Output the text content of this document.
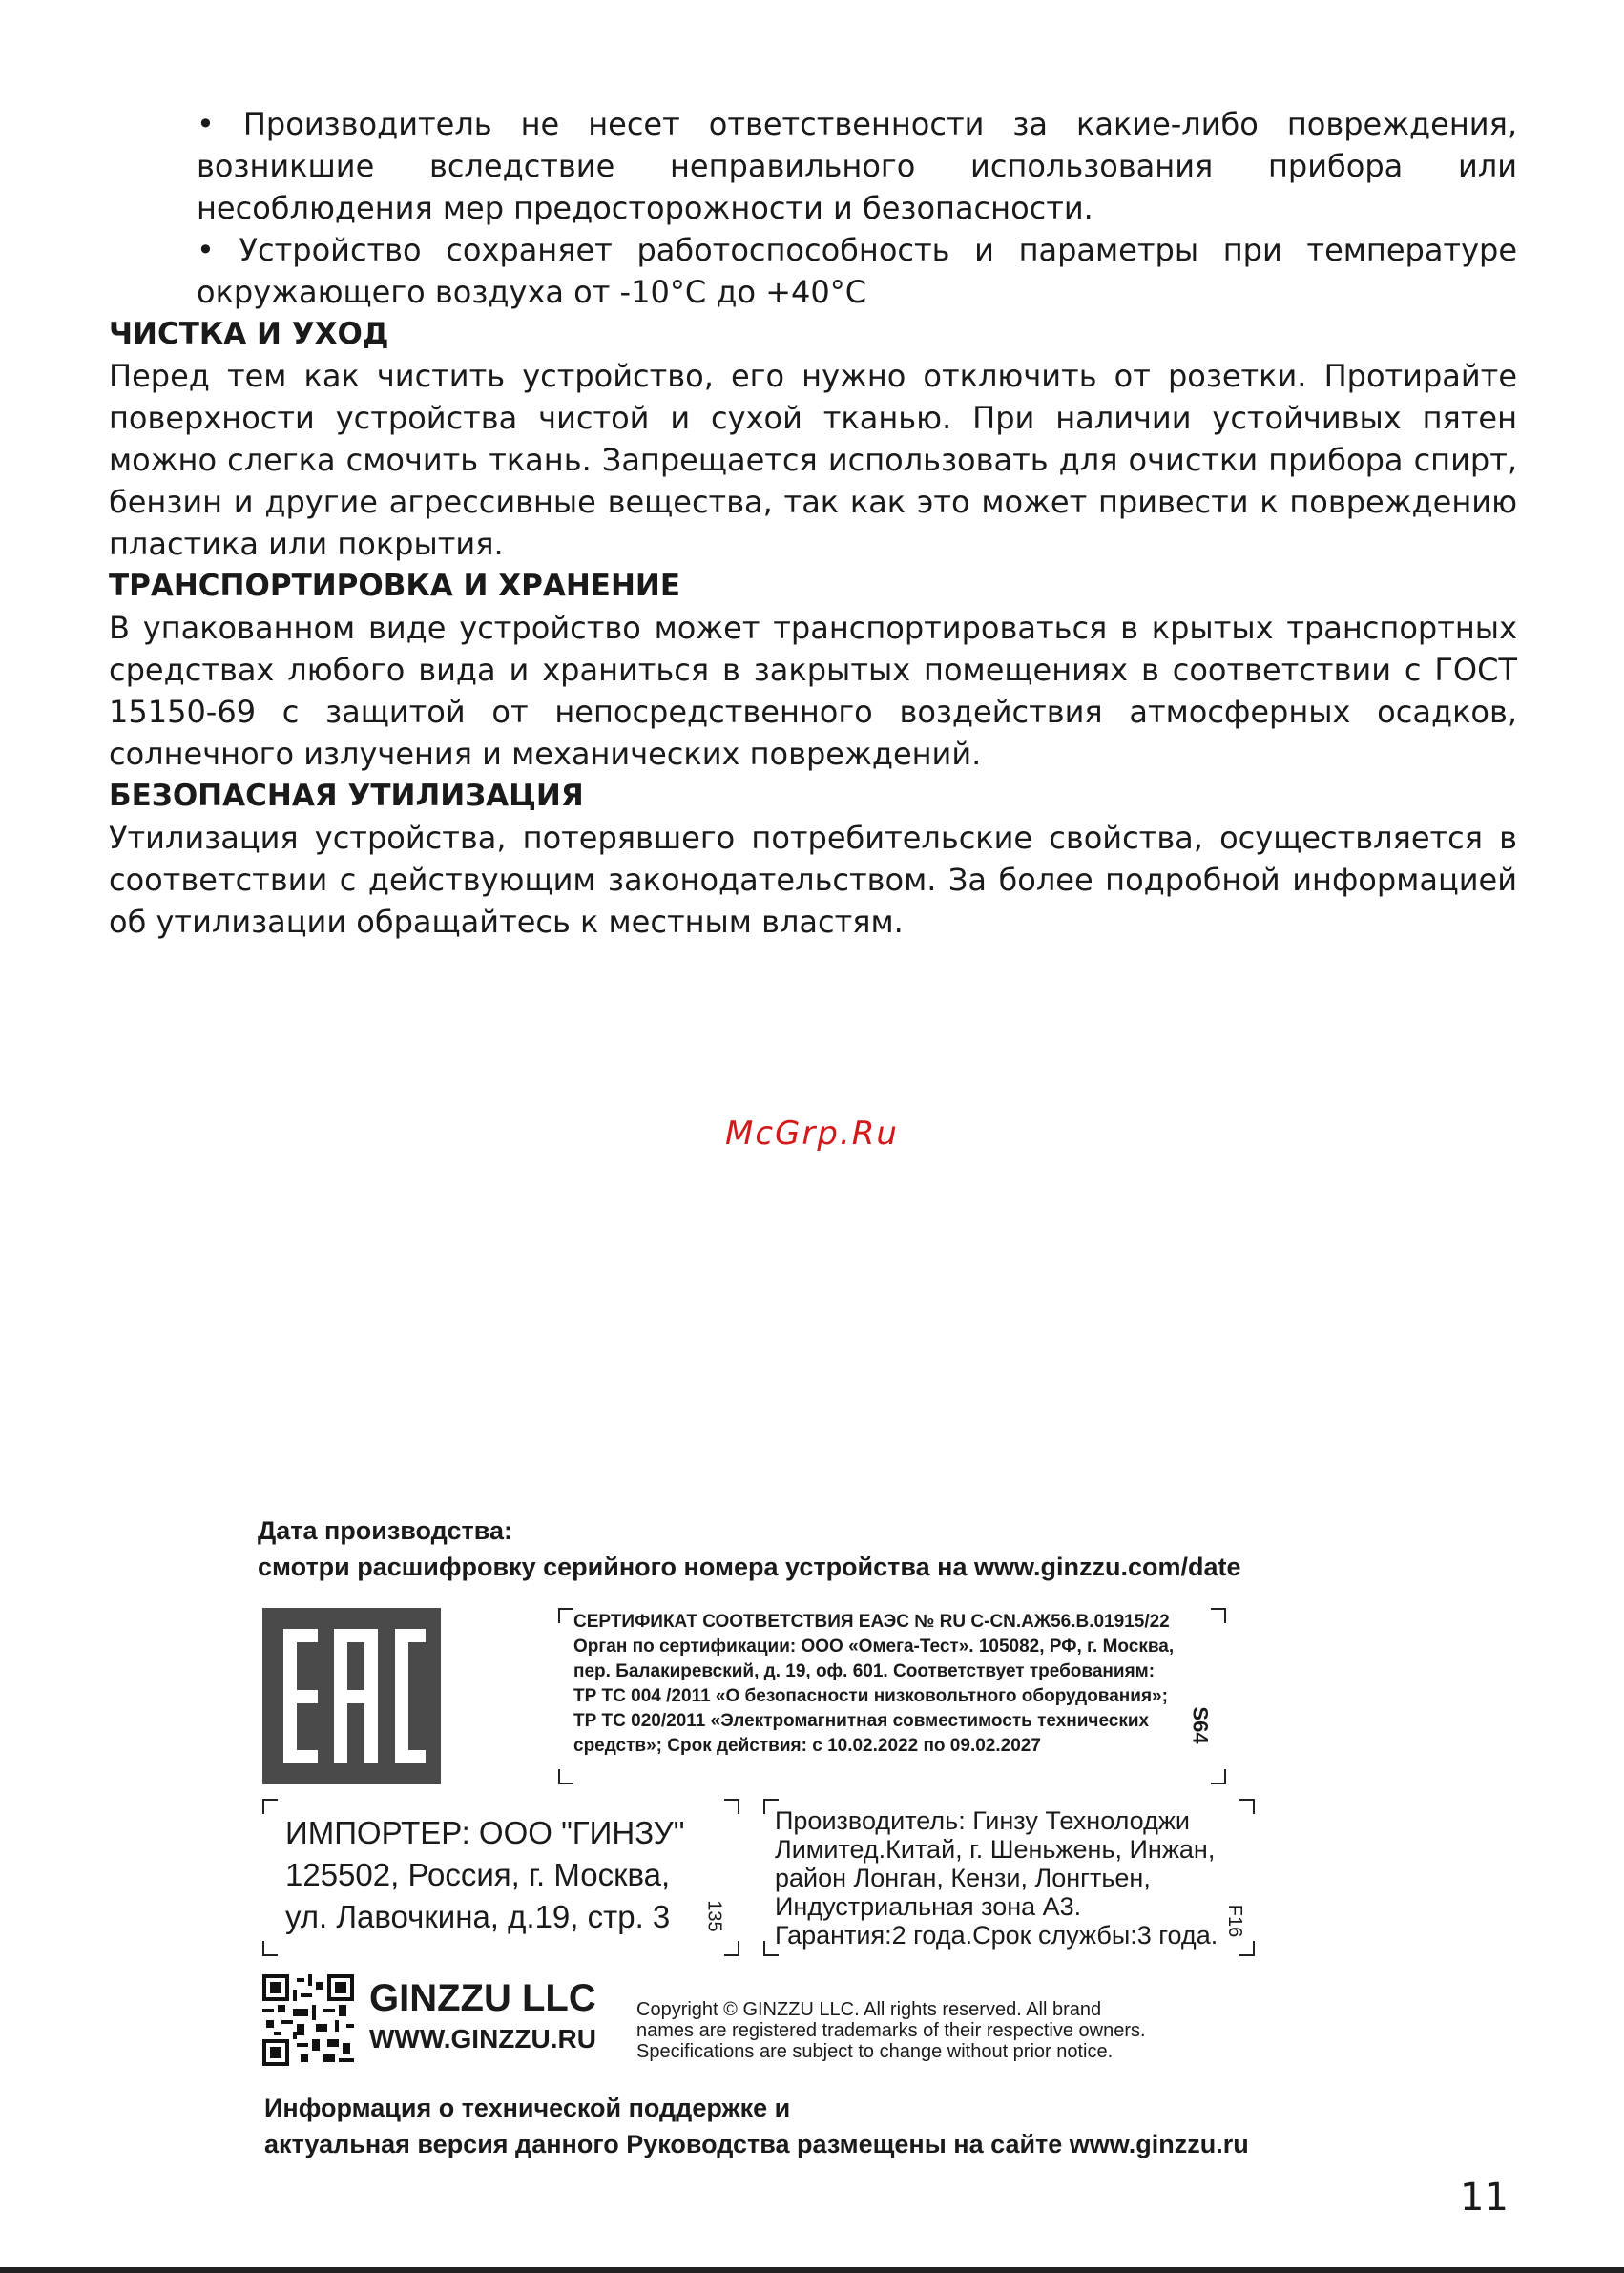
• Производитель не несет ответственности за какие-либо повреждения, возникшие вследствие неправильного использования прибора или несоблюдения мер предосторожности и безопасности.

• Устройство сохраняет работоспособность и параметры при температуре окружающего воздуха от -10°С до +40°С

ЧИСТКА И УХОД

Перед тем как чистить устройство, его нужно отключить от розетки. Протирайте поверхности устройства чистой и сухой тканью. При наличии устойчивых пятен можно слегка смочить ткань. Запрещается использовать для очистки прибора спирт, бензин и другие агрессивные вещества, так как это может привести к повреждению пластика или покрытия.

ТРАНСПОРТИРОВКА И ХРАНЕНИЕ

В упакованном виде устройство может транспортироваться в крытых транспортных средствах любого вида и храниться в закрытых помещениях в соответствии с ГОСТ 15150-69 с защитой от непосредственного воздействия атмосферных осадков, солнечного излучения и механических повреждений.

БЕЗОПАСНАЯ УТИЛИЗАЦИЯ

Утилизация устройства, потерявшего потребительские свойства, осуществляется в соответствии с действующим законодательством. За более подробной информацией об утилизации обращайтесь к местным властям.

McGrp.Ru

Дата производства:

смотри расшифровку серийного номера устройства на www.ginzzu.com/date

СЕРТИФИКАТ СООТВЕТСТВИЯ ЕАЭС № RU C-CN.АЖ56.В.01915/22

Орган по сертификации: ООО «Омега-Тест». 105082, РФ, г. Москва,

пер. Балакиревский, д. 19, оф. 601. Соответствует требованиям:

ТР ТС 004 /2011 «О безопасности низковольтного оборудования»;

ТР ТС 020/2011 «Электромагнитная совместимость технических

средств»; Срок действия: с 10.02.2022 по 09.02.2027

S64

ИМПОРТЕР: ООО "ГИНЗУ"

125502, Россия, г. Москва,

ул. Лавочкина, д.19, стр. 3	135

Производитель: Гинзу Технолоджи

Лимитед.Китай, г. Шеньжень, Инжан,

район Лонган, Кензи, Лонгтьен,

Индустриальная зона А3.

Гарантия:2 года.Срок службы:3 года. F16
GINZZU LLC
WWW.GINZZU.RU

Copyright © GINZZU LLC. All rights reserved. All brand

names are registered trademarks of their respective owners.

Specifications are subject to change without prior notice.

Информация о технической поддержке и

актуальная версия данного Руководства размещены на сайте www.ginzzu.ru

11
